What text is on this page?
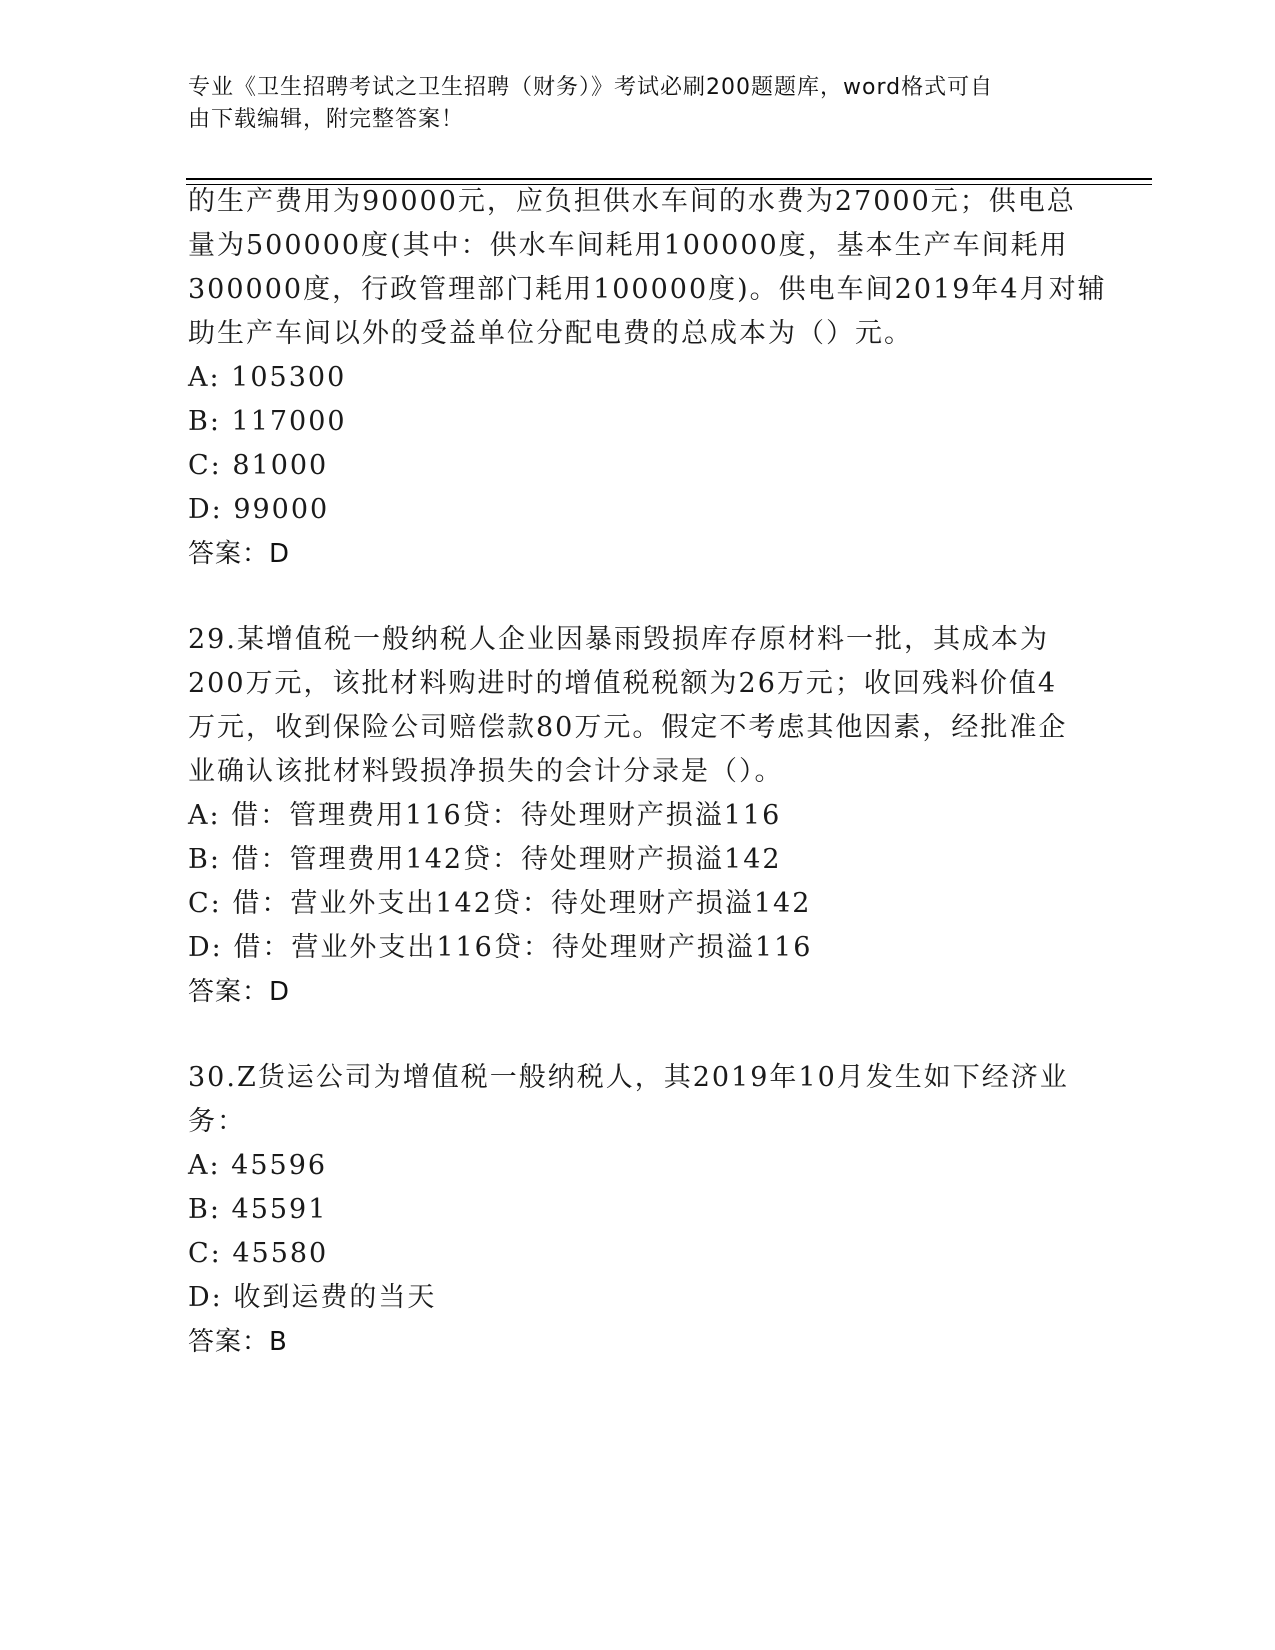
专业《卫生招聘考试之卫生招聘（财务）》考试必刷200题题库，word格式可自
由下载编辑，附完整答案！
的生产费用为90000元，应负担供水车间的水费为27000元；供电总
量为500000度(其中：供水车间耗用100000度，基本生产车间耗用
300000度，行政管理部门耗用100000度)。供电车间2019年4月对辅
助生产车间以外的受益单位分配电费的总成本为（）元。
A: 105300
B: 117000
C: 81000
D: 99000
答案：D
29.某增值税一般纳税人企业因暴雨毁损库存原材料一批，其成本为
200万元，该批材料购进时的增值税税额为26万元；收回残料价值4
万元，收到保险公司赔偿款80万元。假定不考虑其他因素，经批准企
业确认该批材料毁损净损失的会计分录是（）。
A: 借：管理费用116贷：待处理财产损溢116
B: 借：管理费用142贷：待处理财产损溢142
C: 借：营业外支出142贷：待处理财产损溢142
D: 借：营业外支出116贷：待处理财产损溢116
答案：D
30.Z货运公司为增值税一般纳税人，其2019年10月发生如下经济业
务：
A: 45596
B: 45591
C: 45580
D: 收到运费的当天
答案：B
